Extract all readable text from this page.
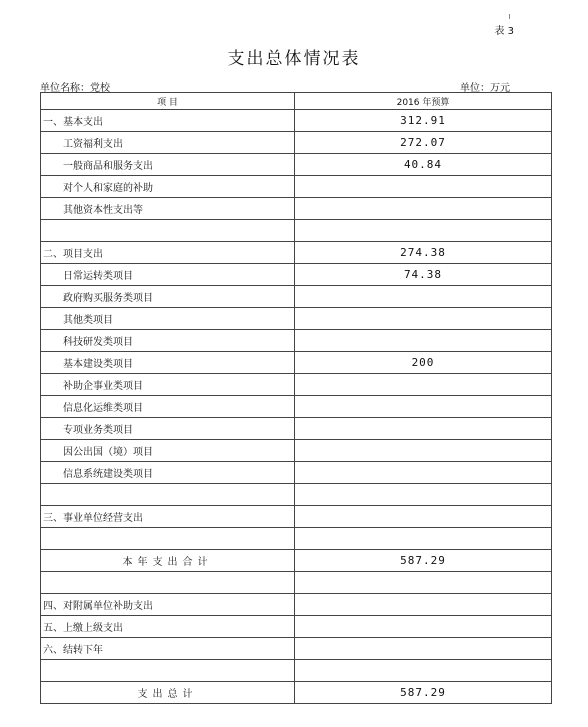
表 3
支出总体情况表
单位名称：党校	单位：万元
项 目	2016 年预算
一、基本支出	312.91
工资福利支出	272.07
一般商品和服务支出	40.84
对个人和家庭的补助	
其他资本性支出等	

二、项目支出	274.38
日常运转类项目	74.38
政府购买服务类项目	
其他类项目	
科技研发类项目	
基本建设类项目	200
补助企事业类项目	
信息化运维类项目	
专项业务类项目	
因公出国（境）项目	
信息系统建设类项目	

三、事业单位经营支出	

本年支出合计	587.29

四、对附属单位补助支出	
五、上缴上级支出	
六、结转下年	

支出总计	587.29
